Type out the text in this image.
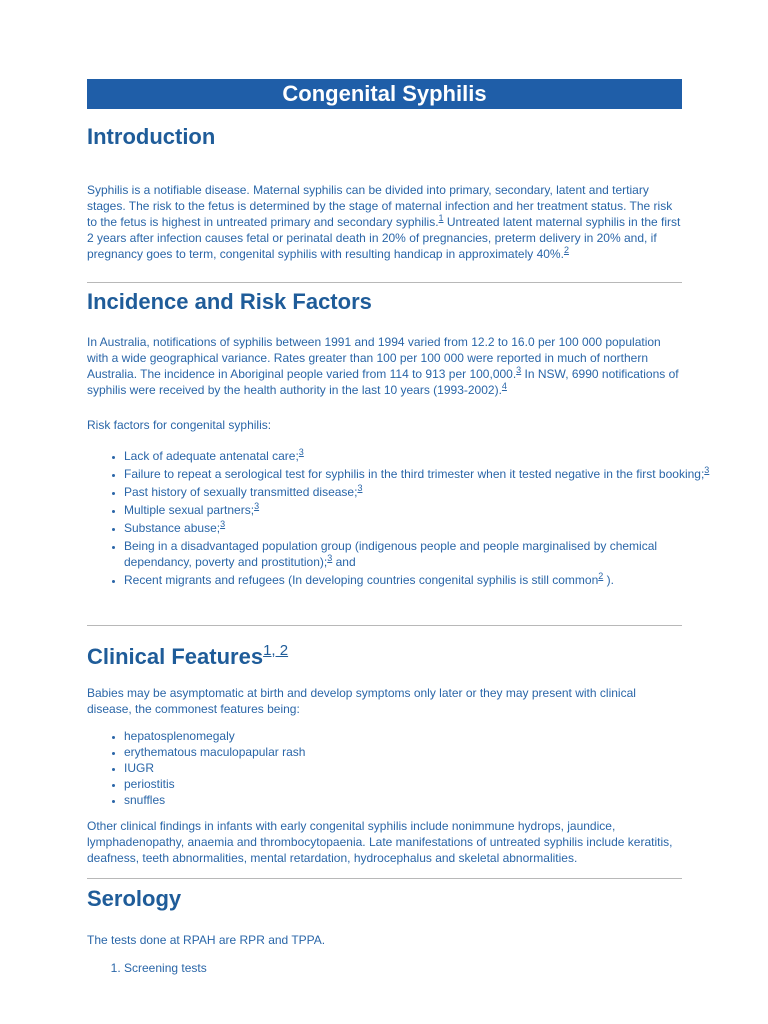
Congenital Syphilis
Introduction

Syphilis is a notifiable disease. Maternal syphilis can be divided into primary, secondary, latent and tertiary stages. The risk to the fetus is determined by the stage of maternal infection and her treatment status. The risk to the fetus is highest in untreated primary and secondary syphilis.$^1$ Untreated latent maternal syphilis in the first 2 years after infection causes fetal or perinatal death in 20% of pregnancies, preterm delivery in 20% and, if pregnancy goes to term, congenital syphilis with resulting handicap in approximately 40%.$^2$

Incidence and Risk Factors

In Australia, notifications of syphilis between 1991 and 1994 varied from 12.2 to 16.0 per 100 000 population with a wide geographical variance. Rates greater than 100 per 100 000 were reported in much of northern Australia. The incidence in Aboriginal people varied from 114 to 913 per 100,000.$^3$ In NSW, 6990 notifications of syphilis were received by the health authority in the last 10 years (1993-2002).$^4$

Risk factors for congenital syphilis:

• Lack of adequate antenatal care;$^3$
• Failure to repeat a serological test for syphilis in the third trimester when it tested negative in the first booking;$^3$
• Past history of sexually transmitted disease;$^3$
• Multiple sexual partners;$^3$
• Substance abuse;$^3$
• Being in a disadvantaged population group (indigenous people and people marginalised by chemical dependancy, poverty and prostitution);$^3$ and
• Recent migrants and refugees (In developing countries congenital syphilis is still common$^2$ ).
Clinical Features$^{1, 2}$

Babies may be asymptomatic at birth and develop symptoms only later or they may present with clinical disease, the commonest features being:

• hepatosplenomegaly
• erythematous maculopapular rash
• IUGR
• periostitis
• snuffles

Other clinical findings in infants with early congenital syphilis include nonimmune hydrops, jaundice, lymphadenopathy, anaemia and thrombocytopaenia. Late manifestations of untreated syphilis include keratitis, deafness, teeth abnormalities, mental retardation, hydrocephalus and skeletal abnormalities.

Serology

The tests done at RPAH are RPR and TPPA.

1. Screening tests
